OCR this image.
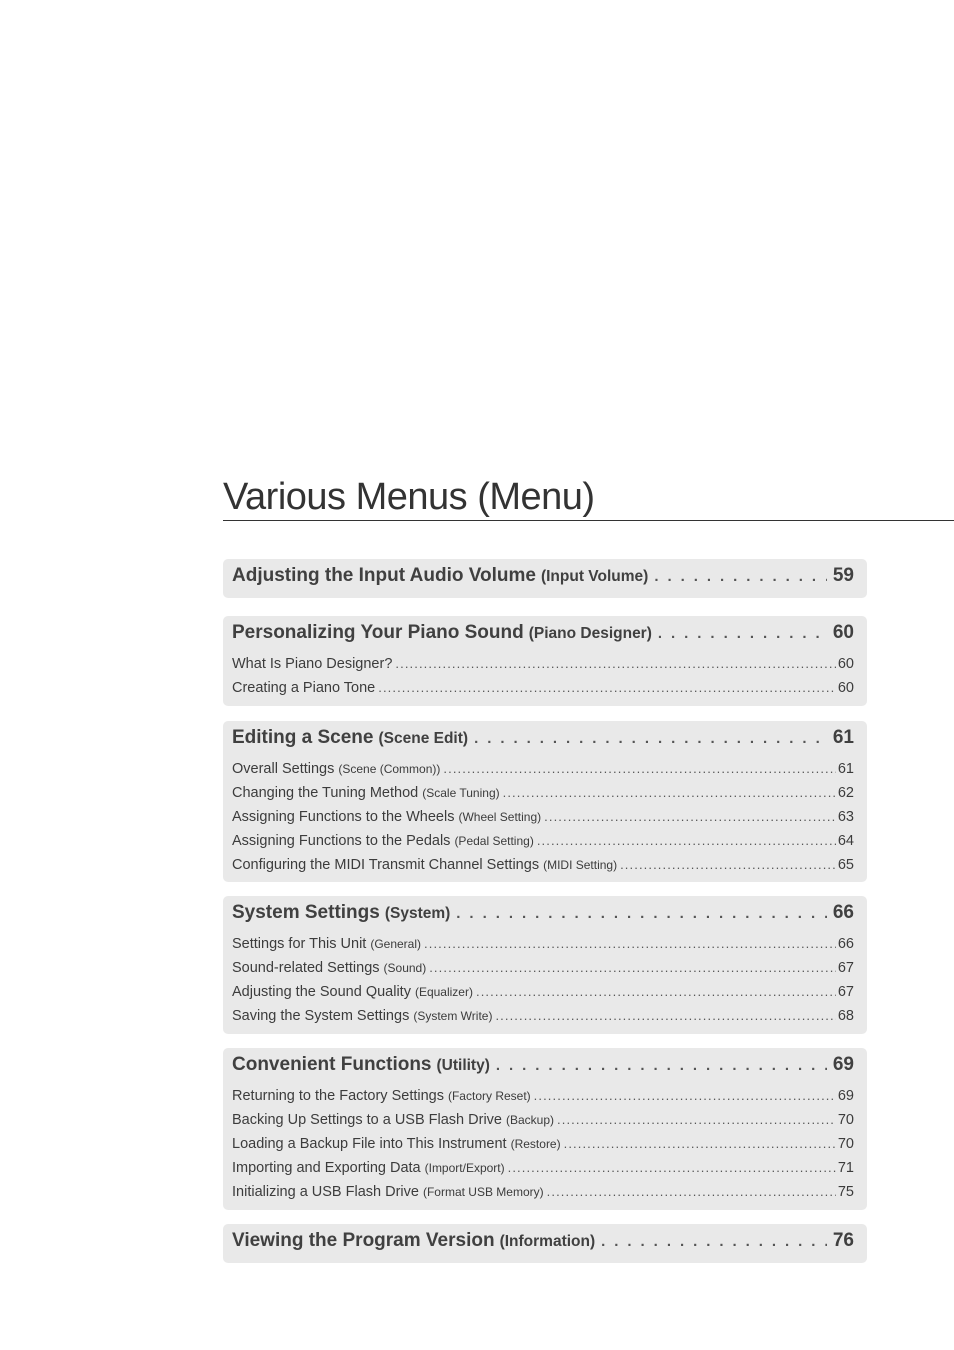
Various Menus (Menu)
Adjusting the Input Audio Volume (Input Volume) . . .	59
Personalizing Your Piano Sound (Piano Designer) . . .	60
What Is Piano Designer? .....	60
Creating a Piano Tone .....	60
Editing a Scene (Scene Edit) . . .	61
Overall Settings (Scene (Common)) .....	61
Changing the Tuning Method (Scale Tuning) .....	62
Assigning Functions to the Wheels (Wheel Setting) .....	63
Assigning Functions to the Pedals (Pedal Setting) .....	64
Configuring the MIDI Transmit Channel Settings (MIDI Setting) .....	65
System Settings (System) . . .	66
Settings for This Unit (General) .....	66
Sound-related Settings (Sound) .....	67
Adjusting the Sound Quality (Equalizer) .....	67
Saving the System Settings (System Write) .....	68
Convenient Functions (Utility) . . .	69
Returning to the Factory Settings (Factory Reset) .....	69
Backing Up Settings to a USB Flash Drive (Backup) .....	70
Loading a Backup File into This Instrument (Restore) .....	70
Importing and Exporting Data (Import/Export) .....	71
Initializing a USB Flash Drive (Format USB Memory) .....	75
Viewing the Program Version (Information) . . .	76
